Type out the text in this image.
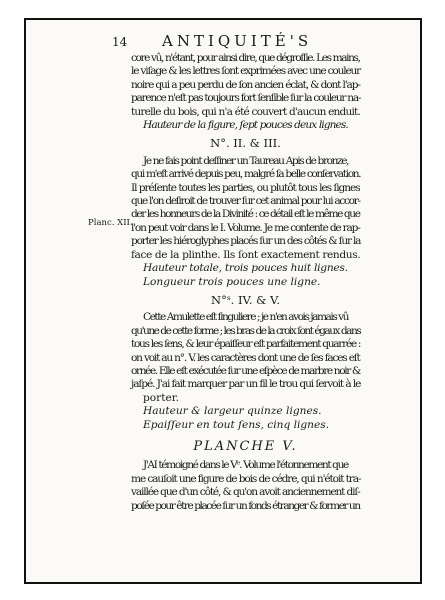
14 ANTIQUITÉ'S
Planc. XII.
core vû, n'étant, pour ainsi dire, que dégroſſie. Les mains,
le viſage & les lettres ſont exprimées avec une couleur
noire qui a peu perdu de ſon ancien éclat, & dont l'ap-
parence n'eſt pas toujours fort ſenſible ſur la couleur na-
turelle du bois, qui n'a été couvert d'aucun enduit.
Hauteur de la figure, ſept pouces deux lignes.
N°. II. & III.
Je ne fais point deſſiner un Taureau Apis de bronze,
qui m'eſt arrivé depuis peu, malgré ſa belle conſervation.
Il préſente toutes les parties, ou plutôt tous les ſignes
que l'on deſiroit de trouver ſur cet animal pour lui accor-
der les honneurs de la Divinité : ce détail eſt le même que
l'on peut voir dans le I. Volume. Je me contente de rap-
porter les hiéroglyphes placés ſur un des côtés & ſur la
face de la plinthe. Ils ſont exactement rendus.
Hauteur totale, trois pouces huit lignes.
Longueur trois pouces une ligne.
N°ˢ. IV. & V.
Cette Amulette eſt ſinguliere ; je n'en avois jamais vû
qu'une de cette forme ; les bras de la croix ſont égaux dans
tous les ſens, & leur épaiſſeur eſt parfaitement quarrée :
on voit au n°. V. les caractères dont une de ſes faces eſt
ornée. Elle eſt exécutée ſur une eſpèce de marbre noir &
jaſpé. J'ai fait marquer par un fil le trou qui ſervoit à le
porter.
Hauteur & largeur quinze lignes.
Epaiſſeur en tout ſens, cinq lignes.
PLANCHE V.
J'AI témoigné dans le Vᵉ. Volume l'étonnement que
me cauſoit une figure de bois de cédre, qui n'étoit tra-
vaillée que d'un côté, & qu'on avoit anciennement diſ-
poſée pour être placée ſur un fonds étranger & former un
